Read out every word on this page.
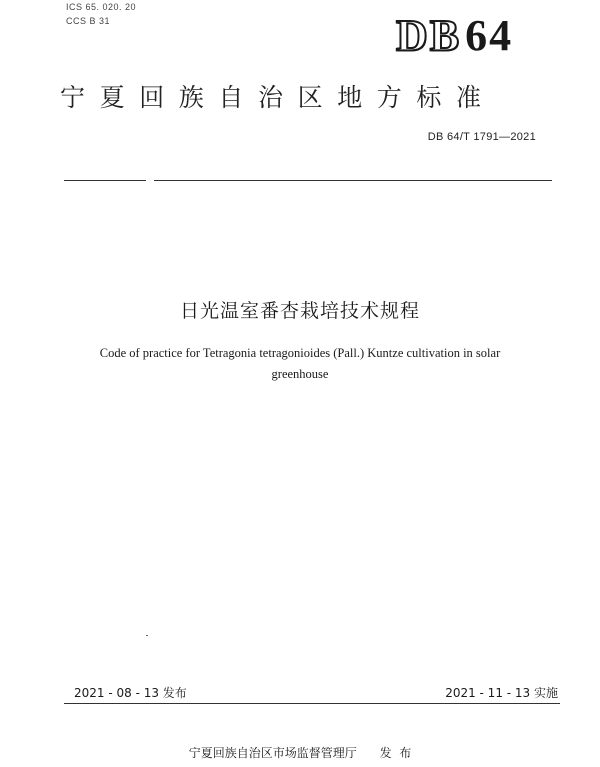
ICS 65. 020. 20
CCS B 31	DB64
宁夏回族自治区地方标准
DB 64/T 1791—2021
日光温室番杏栽培技术规程
Code of practice for Tetragonia tetragonioides (Pall.) Kuntze cultivation in solar greenhouse
2021 - 08 - 13 发布	2021 - 11 - 13 实施
宁夏回族自治区市场监督管理厅 发  布
